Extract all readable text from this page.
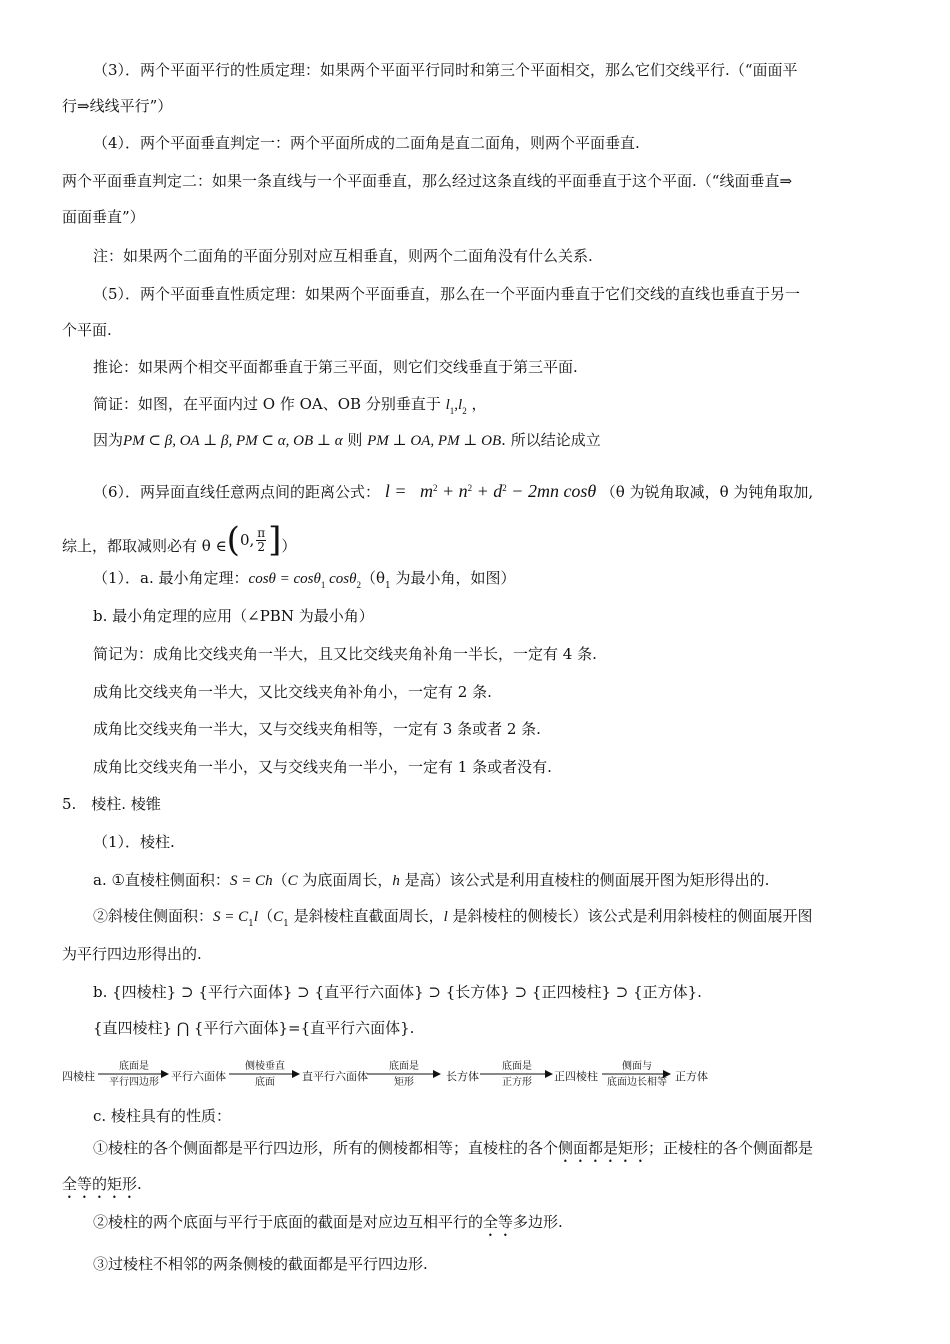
（3）．两个平面平行的性质定理：如果两个平面平行同时和第三个平面相交，那么它们交线平行.（“面面平
行⇒线线平行”）
（4）．两个平面垂直判定一：两个平面所成的二面角是直二面角，则两个平面垂直.
两个平面垂直判定二：如果一条直线与一个平面垂直，那么经过这条直线的平面垂直于这个平面.（“线面垂直⇒
面面垂直”）
注：如果两个二面角的平面分别对应互相垂直，则两个二面角没有什么关系.
（5）．两个平面垂直性质定理：如果两个平面垂直，那么在一个平面内垂直于它们交线的直线也垂直于另一
个平面.
推论：如果两个相交平面都垂直于第三平面，则它们交线垂直于第三平面.
简证：如图，在平面内过 O 作 OA、OB 分别垂直于 $l_1,l_2$ ，
因为PM ⊂ β, OA ⊥ β, PM ⊂ α, OB ⊥ α 则 PM ⊥ OA, PM ⊥ OB. 所以结论成立
（6）．两异面直线任意两点间的距离公式： $l = m^2 + n^2 + d^2 - 2mn$ cosθ （θ 为锐角取减，θ 为钝角取加,
综上，都取减则必有 θ ∈ ( 0, $\frac{\pi}{2}$ ] ）
（1）．a. 最小角定理：cosθ = cosθ$_1$ $\cos\theta_2(\theta_1$ 为最小角，如图）
b. 最小角定理的应用（∠PBN 为最小角）
简记为：成角比交线夹角一半大，且又比交线夹角补角一半长，一定有 4 条.
成角比交线夹角一半大，又比交线夹角补角小，一定有 2 条.
成角比交线夹角一半大，又与交线夹角相等，一定有 3 条或者 2 条.
成角比交线夹角一半小，又与交线夹角一半小，一定有 1 条或者没有.
5.　棱柱. 棱锥
（1）．棱柱.
a. ①直棱柱侧面积：S = Ch（C 为底面周长，h 是高）该公式是利用直棱柱的侧面展开图为矩形得出的.
②斜棱住侧面积：$S = C_1l(C_1$ 是斜棱柱直截面周长，l 是斜棱柱的侧棱长）该公式是利用斜棱柱的侧面展开图
为平行四边形得出的.
b. {四棱柱} ⊃ {平行六面体} ⊃ {直平行六面体} ⊃ {长方体} ⊃ {正四棱柱} ⊃ {正方体}.
{直四棱柱} ⋂ {平行六面体}={直平行六面体}.
四棱柱
底面是
平行四边形	平行六面体
侧棱垂直
底面	直平行六面体
底面是
矩形	长方体
底面是
正方形	正四棱柱
侧面与
底面边长相等 正方体
c. 棱柱具有的性质：
①棱柱的各个侧面都是平行四边形，所有的侧棱都相等；直棱柱的各个侧面都是矩形；正棱柱的各个侧面都是
全等的矩形.
②棱柱的两个底面与平行于底面的截面是对应边互相平行的全等多边形.
③过棱柱不相邻的两条侧棱的截面都是平行四边形.
